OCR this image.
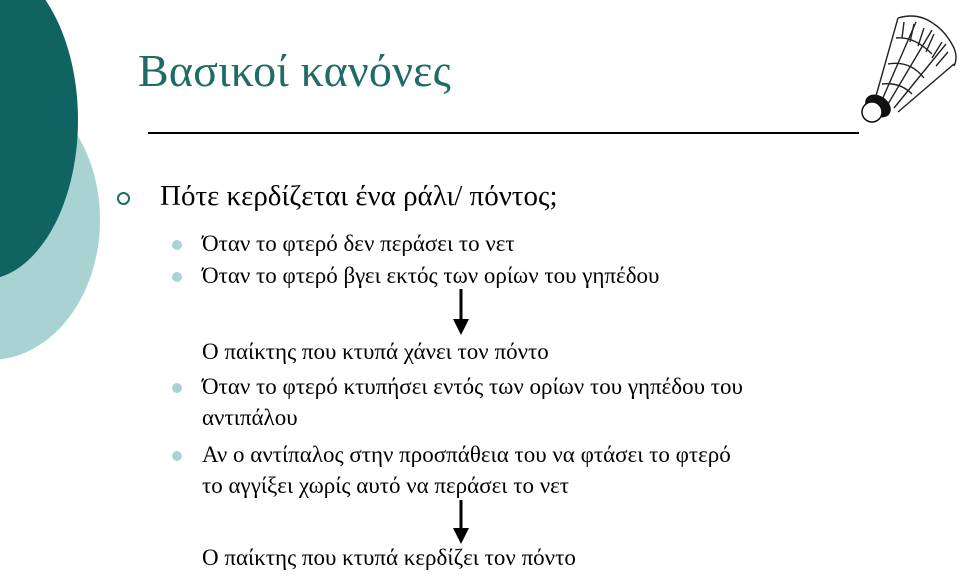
Βασικοί κανόνες
Πότε κερδίζεται ένα ράλι/ πόντος;
Όταν το φτερό δεν περάσει το νετ
Όταν το φτερό βγει εκτός των ορίων του γηπέδου
Ο παίκτης που κτυπά χάνει τον πόντο
Όταν το φτερό κτυπήσει εντός των ορίων του γηπέδου του
αντιπάλου
Αν ο αντίπαλος στην προσπάθεια του να φτάσει το φτερό
το αγγίξει χωρίς αυτό να περάσει το νετ
Ο παίκτης που κτυπά κερδίζει τον πόντο
